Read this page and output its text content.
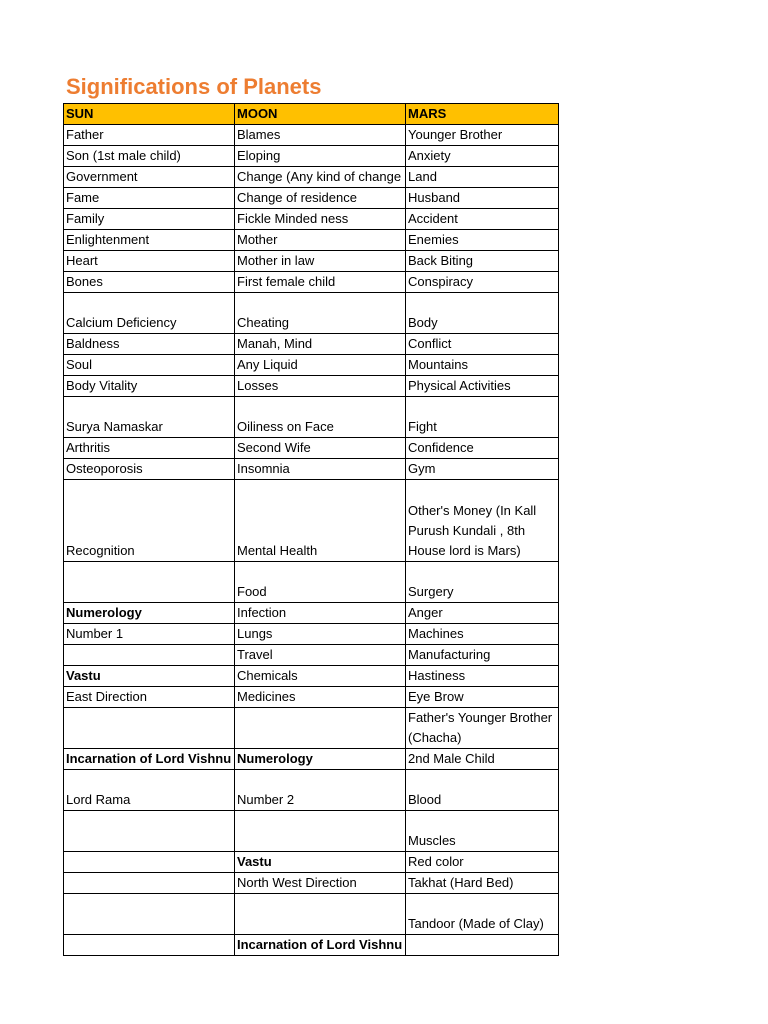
Significations of Planets
SUN	MOON	MARS
Father	Blames	Younger Brother
Son (1st male child)	Eloping	Anxiety
Government	Change (Any kind of change	Land
Fame	Change of residence	Husband
Family	Fickle Minded ness	Accident
Enlightenment	Mother	Enemies
Heart	Mother in law	Back Biting
Bones	First female child	Conspiracy
Calcium Deficiency	Cheating	Body
Baldness	Manah, Mind	Conflict
Soul	Any Liquid	Mountains
Body Vitality	Losses	Physical Activities
Surya Namaskar	Oiliness on Face	Fight
Arthritis	Second Wife	Confidence
Osteoporosis	Insomnia	Gym
Recognition	Mental Health	Other's Money (In Kall Purush Kundali , 8th House lord is Mars)
	Food	Surgery
Numerology	Infection	Anger
Number 1	Lungs	Machines
	Travel	Manufacturing
Vastu	Chemicals	Hastiness
East Direction	Medicines	Eye Brow
		Father's Younger Brother (Chacha)
Incarnation of Lord Vishnu	Numerology	2nd Male Child
Lord Rama	Number 2	Blood
		Muscles
	Vastu	Red color
	North West Direction	Takhat (Hard Bed)
		Tandoor (Made of Clay)
	Incarnation of Lord Vishnu	
